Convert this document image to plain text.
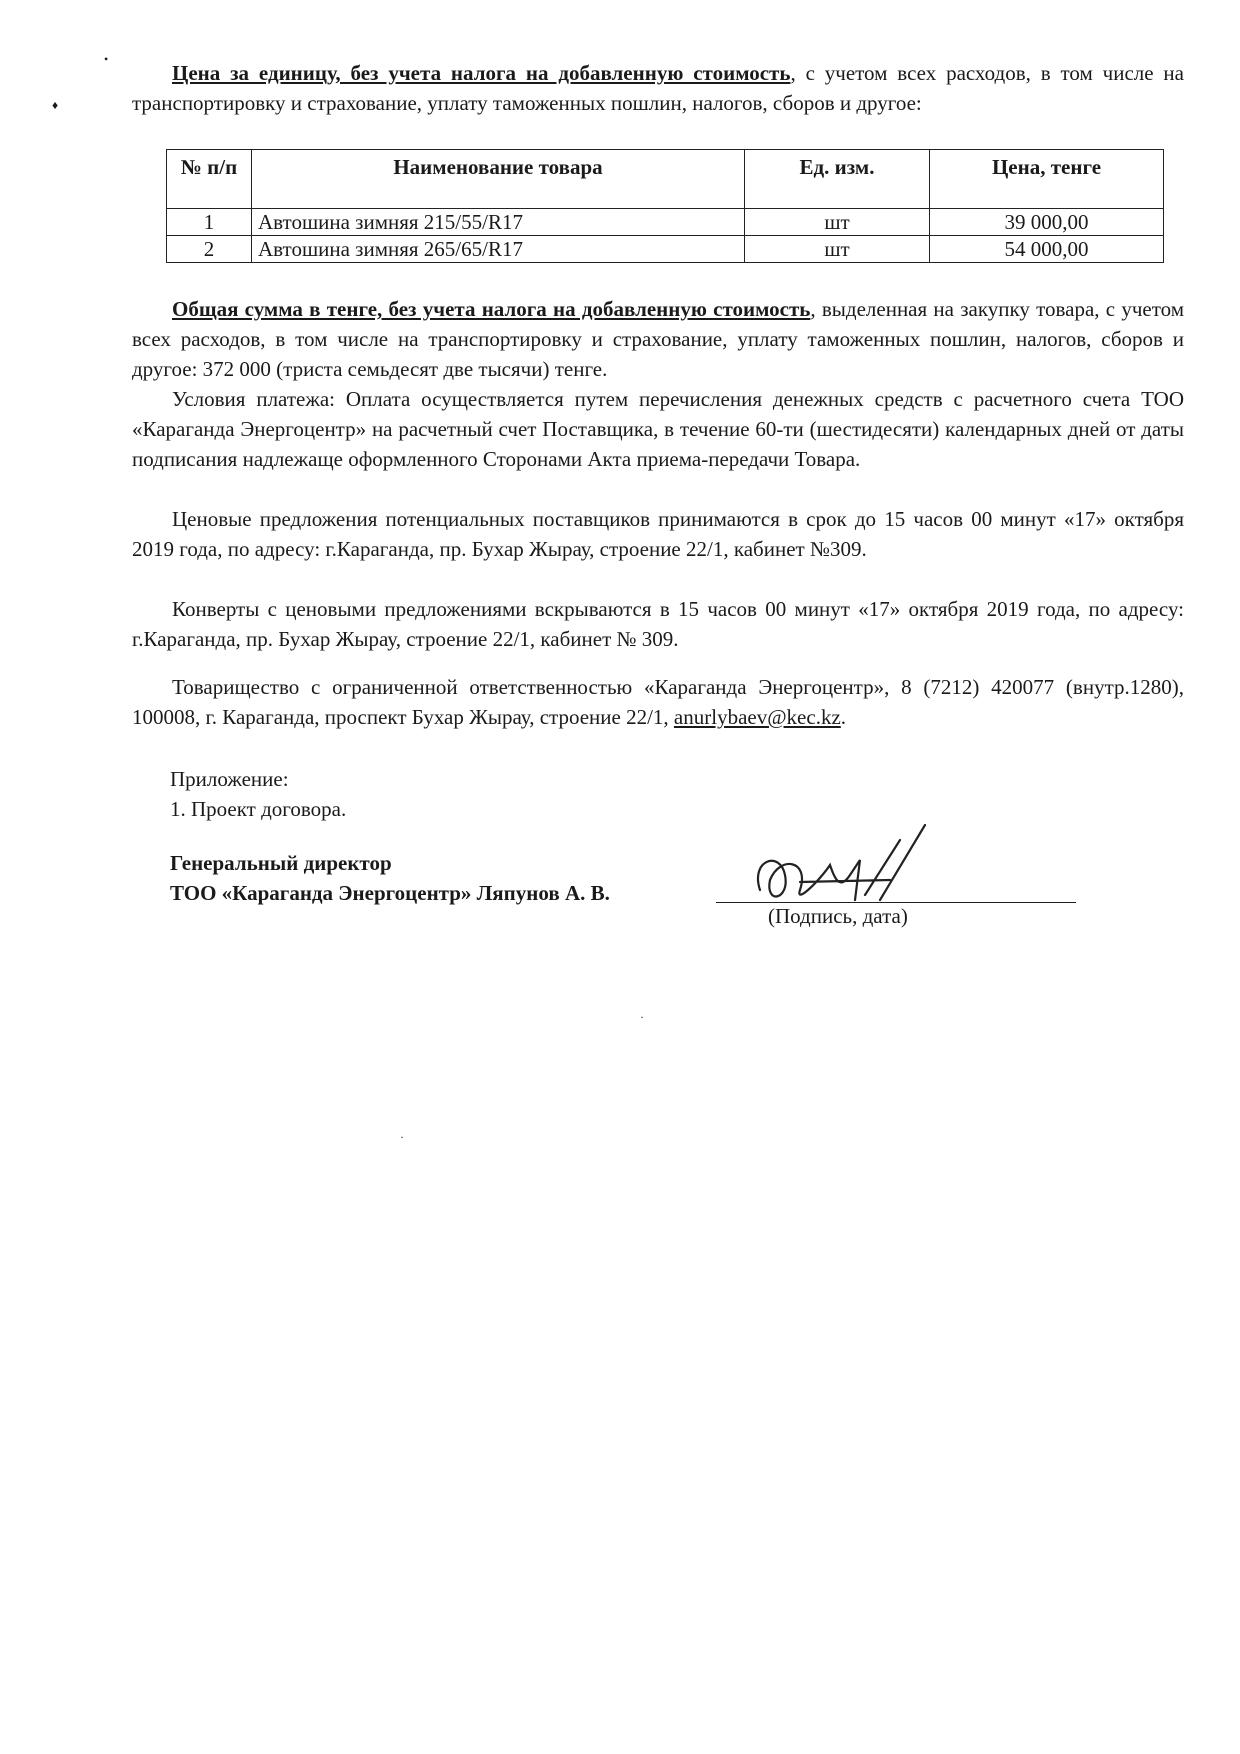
•
♦
Цена за единицу, без учета налога на добавленную стоимость, с учетом всех расходов, в том числе на транспортировку и страхование, уплату таможенных пошлин, налогов, сборов и другое:
№ п/п	Наименование товара	Ед. изм.	Цена, тенге
1	Автошина зимняя 215/55/R17	шт	39 000,00
2	Автошина зимняя 265/65/R17	шт	54 000,00
Общая сумма в тенге, без учета налога на добавленную стоимость, выделенная на закупку товара, с учетом всех расходов, в том числе на транспортировку и страхование, уплату таможенных пошлин, налогов, сборов и другое: 372 000 (триста семьдесят две тысячи) тенге.
Условия платежа: Оплата осуществляется путем перечисления денежных средств с расчетного счета ТОО «Караганда Энергоцентр» на расчетный счет Поставщика, в течение 60-ти (шестидесяти) календарных дней от даты подписания надлежаще оформленного Сторонами Акта приема-передачи Товара.
Ценовые предложения потенциальных поставщиков принимаются в срок до 15 часов 00 минут «17» октября 2019 года, по адресу: г.Караганда, пр. Бухар Жырау, строение 22/1, кабинет №309.
Конверты с ценовыми предложениями вскрываются в 15 часов 00 минут «17» октября 2019 года, по адресу: г.Караганда, пр. Бухар Жырау, строение 22/1, кабинет № 309.
Товарищество с ограниченной ответственностью «Караганда Энергоцентр», 8 (7212) 420077 (внутр.1280), 100008, г. Караганда, проспект Бухар Жырау, строение 22/1, anurlybaev@kec.kz.
Приложение:
1. Проект договора.
Генеральный директор
ТОО «Караганда Энергоцентр» Ляпунов А. В.
(Подпись, дата)
·
·
